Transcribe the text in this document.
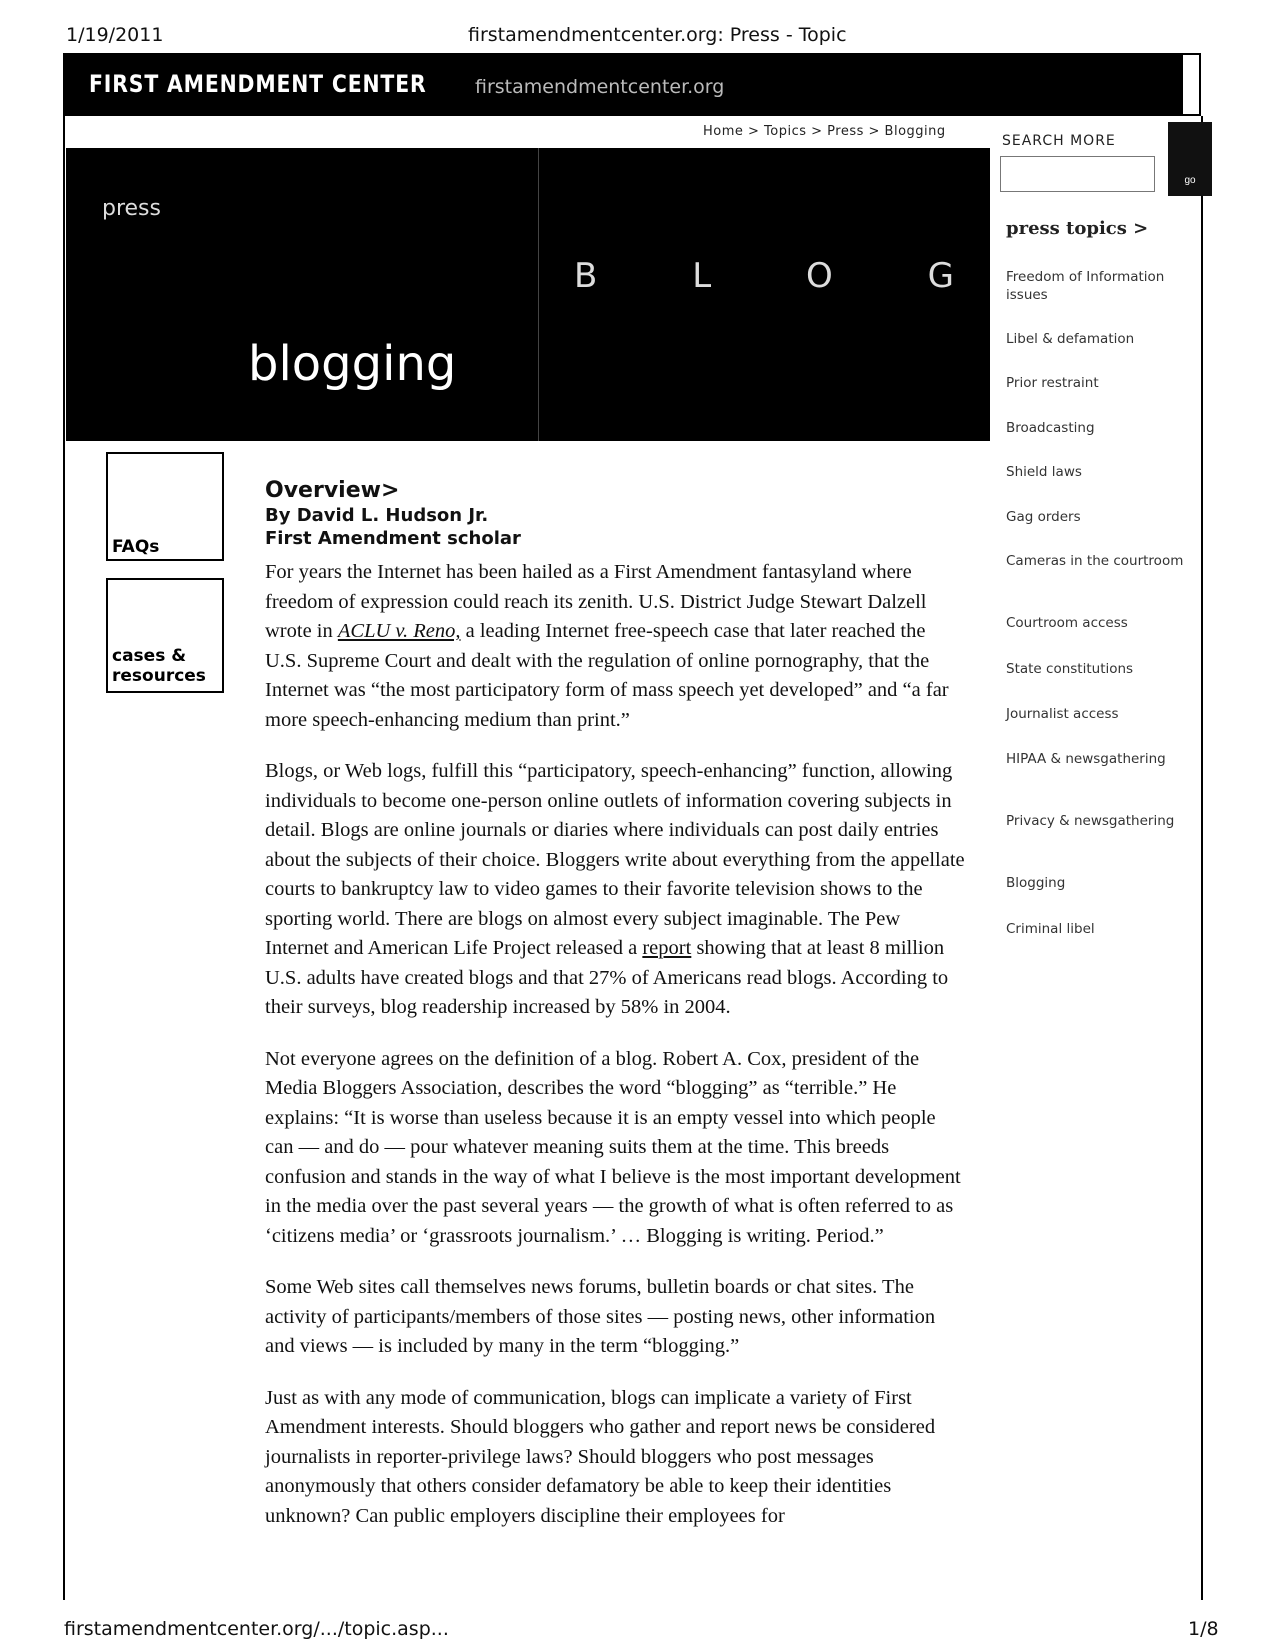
1/19/2011	firstamendmentcenter.org: Press - Topic
FIRST AMENDMENT CENTER	firstamendmentcenter.org
Home > Topics > Press > Blogging
press
blogging
B	L	O	G
SEARCH MORE
go
press topics >
Freedom of Information issues
Libel & defamation
Prior restraint
Broadcasting
Shield laws
Gag orders
Cameras in the courtroom
Courtroom access
State constitutions
Journalist access
HIPAA & newsgathering
Privacy & newsgathering
Blogging
Criminal libel
FAQs
cases & resources
Overview>
By David L. Hudson Jr.
First Amendment scholar

For years the Internet has been hailed as a First Amendment fantasyland where freedom of expression could reach its zenith. U.S. District Judge Stewart Dalzell wrote in ACLU v. Reno, a leading Internet free-speech case that later reached the U.S. Supreme Court and dealt with the regulation of online pornography, that the Internet was “the most participatory form of mass speech yet developed” and “a far more speech-enhancing medium than print.”

Blogs, or Web logs, fulfill this “participatory, speech-enhancing” function, allowing individuals to become one-person online outlets of information covering subjects in detail. Blogs are online journals or diaries where individuals can post daily entries about the subjects of their choice. Bloggers write about everything from the appellate courts to bankruptcy law to video games to their favorite television shows to the sporting world. There are blogs on almost every subject imaginable. The Pew Internet and American Life Project released a report showing that at least 8 million U.S. adults have created blogs and that 27% of Americans read blogs. According to their surveys, blog readership increased by 58% in 2004.

Not everyone agrees on the definition of a blog. Robert A. Cox, president of the Media Bloggers Association, describes the word “blogging” as “terrible.” He explains: “It is worse than useless because it is an empty vessel into which people can — and do — pour whatever meaning suits them at the time. This breeds confusion and stands in the way of what I believe is the most important development in the media over the past several years — the growth of what is often referred to as ‘citizens media’ or ‘grassroots journalism.’ … Blogging is writing. Period.”

Some Web sites call themselves news forums, bulletin boards or chat sites. The activity of participants/members of those sites — posting news, other information and views — is included by many in the term “blogging.”

Just as with any mode of communication, blogs can implicate a variety of First Amendment interests. Should bloggers who gather and report news be considered journalists in reporter-privilege laws? Should bloggers who post messages anonymously that others consider defamatory be able to keep their identities unknown? Can public employers discipline their employees for

firstamendmentcenter.org/.../topic.asp...	1/8
